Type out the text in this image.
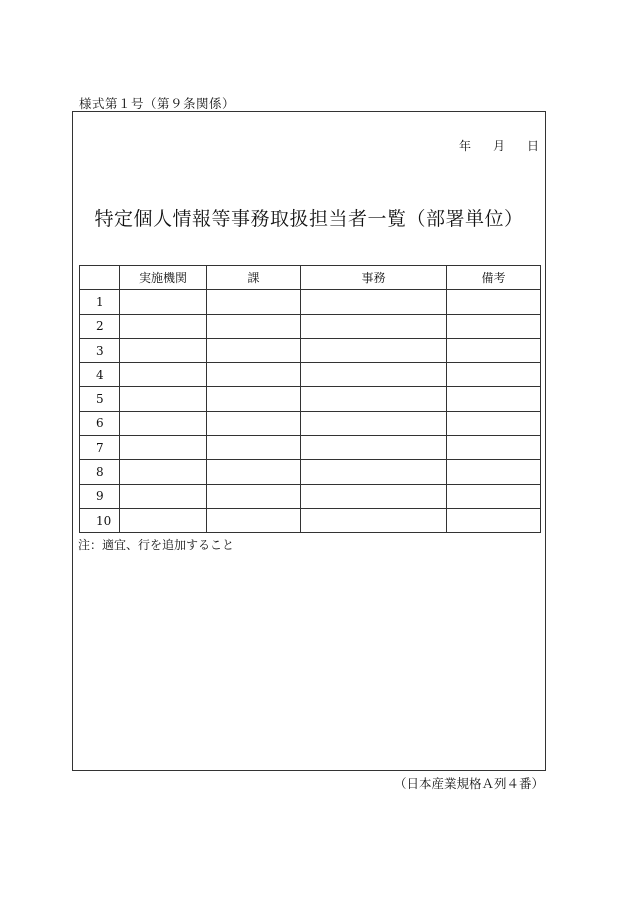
様式第１号（第９条関係）
年 月 日
特定個人情報等事務取扱担当者一覧（部署単位）
	実施機関	課	事務	備考
1				
2				
3				
4				
5				
6				
7				
8				
9				
10				
注：適宜、行を追加すること
（日本産業規格Ａ列４番）
